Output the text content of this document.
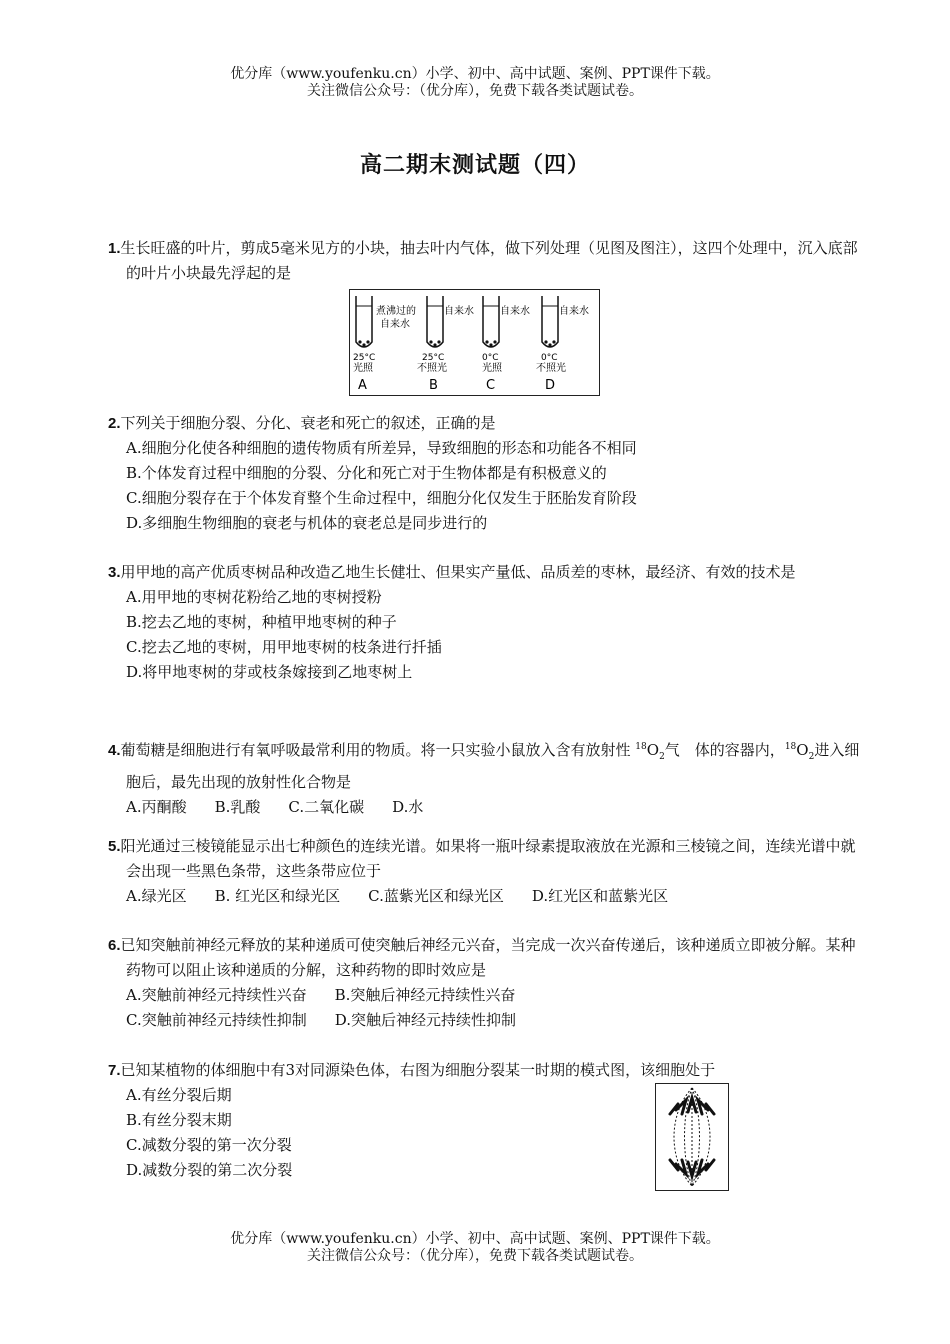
优分库（www.youfenku.cn）小学、初中、高中试题、案例、PPT课件下载。
关注微信公众号：（优分库），免费下载各类试题试卷。
高二期末测试题（四）
1.生长旺盛的叶片，剪成5毫米见方的小块，抽去叶内气体，做下列处理（见图及图注），这四个处理中，沉入底部的叶片小块最先浮起的是
煮沸过的
自来水
25°C
光照
A
自来水
25°C
不照光
B
自来水
0°C
光照
C
自来水
0°C
不照光
D
2.下列关于细胞分裂、分化、衰老和死亡的叙述，正确的是
A.细胞分化使各种细胞的遗传物质有所差异，导致细胞的形态和功能各不相同
B.个体发育过程中细胞的分裂、分化和死亡对于生物体都是有积极意义的
C.细胞分裂存在于个体发育整个生命过程中，细胞分化仅发生于胚胎发育阶段
D.多细胞生物细胞的衰老与机体的衰老总是同步进行的
3.用甲地的高产优质枣树品种改造乙地生长健壮、但果实产量低、品质差的枣林，最经济、有效的技术是
A.用甲地的枣树花粉给乙地的枣树授粉
B.挖去乙地的枣树，种植甲地枣树的种子
C.挖去乙地的枣树，用甲地枣树的枝条进行扦插
D.将甲地枣树的芽或枝条嫁接到乙地枣树上
4.葡萄糖是细胞进行有氧呼吸最常利用的物质。将一只实验小鼠放入含有放射性 $^{18}O_2$气　体的容器内，$^{18}O_2$进入细胞后，最先出现的放射性化合物是
A.丙酮酸 B.乳酸 C.二氧化碳 D.水
5.阳光通过三棱镜能显示出七种颜色的连续光谱。如果将一瓶叶绿素提取液放在光源和三棱镜之间，连续光谱中就会出现一些黑色条带，这些条带应位于
A.绿光区 B. 红光区和绿光区 C.蓝紫光区和绿光区 D.红光区和蓝紫光区
6.已知突触前神经元释放的某种递质可使突触后神经元兴奋，当完成一次兴奋传递后，该种递质立即被分解。某种药物可以阻止该种递质的分解，这种药物的即时效应是
A.突触前神经元持续性兴奋 B.突触后神经元持续性兴奋
C.突触前神经元持续性抑制 D.突触后神经元持续性抑制
7.已知某植物的体细胞中有3对同源染色体，右图为细胞分裂某一时期的模式图，该细胞处于
A.有丝分裂后期
B.有丝分裂末期
C.减数分裂的第一次分裂
D.减数分裂的第二次分裂
优分库（www.youfenku.cn）小学、初中、高中试题、案例、PPT课件下载。
关注微信公众号：（优分库），免费下载各类试题试卷。
